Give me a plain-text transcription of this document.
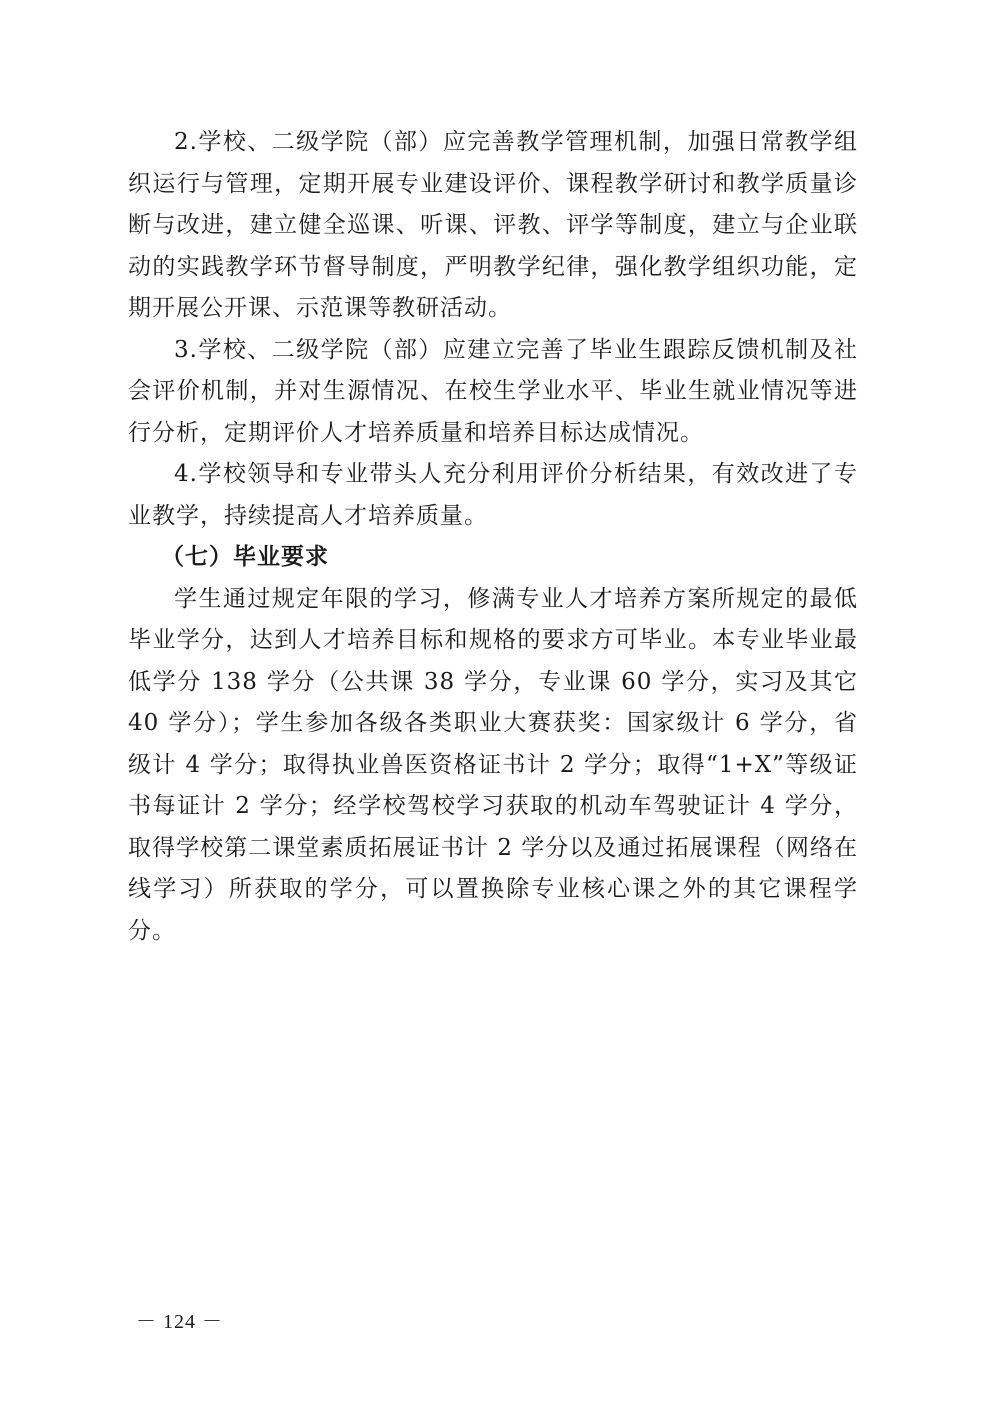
2.学校、二级学院（部）应完善教学管理机制，加强日常教学组织运行与管理，定期开展专业建设评价、课程教学研讨和教学质量诊断与改进，建立健全巡课、听课、评教、评学等制度，建立与企业联动的实践教学环节督导制度，严明教学纪律，强化教学组织功能，定期开展公开课、示范课等教研活动。

3.学校、二级学院（部）应建立完善了毕业生跟踪反馈机制及社会评价机制，并对生源情况、在校生学业水平、毕业生就业情况等进行分析，定期评价人才培养质量和培养目标达成情况。

4.学校领导和专业带头人充分利用评价分析结果，有效改进了专业教学，持续提高人才培养质量。

（七）毕业要求

学生通过规定年限的学习，修满专业人才培养方案所规定的最低毕业学分，达到人才培养目标和规格的要求方可毕业。本专业毕业最低学分 138 学分（公共课 38 学分，专业课 60 学分，实习及其它 40 学分）；学生参加各级各类职业大赛获奖：国家级计 6 学分，省级计 4 学分；取得执业兽医资格证书计 2 学分；取得“1+X”等级证书每证计 2 学分；经学校驾校学习获取的机动车驾驶证计 4 学分，取得学校第二课堂素质拓展证书计 2 学分以及通过拓展课程（网络在线学习）所获取的学分，可以置换除专业核心课之外的其它课程学分。

－ 124 －
